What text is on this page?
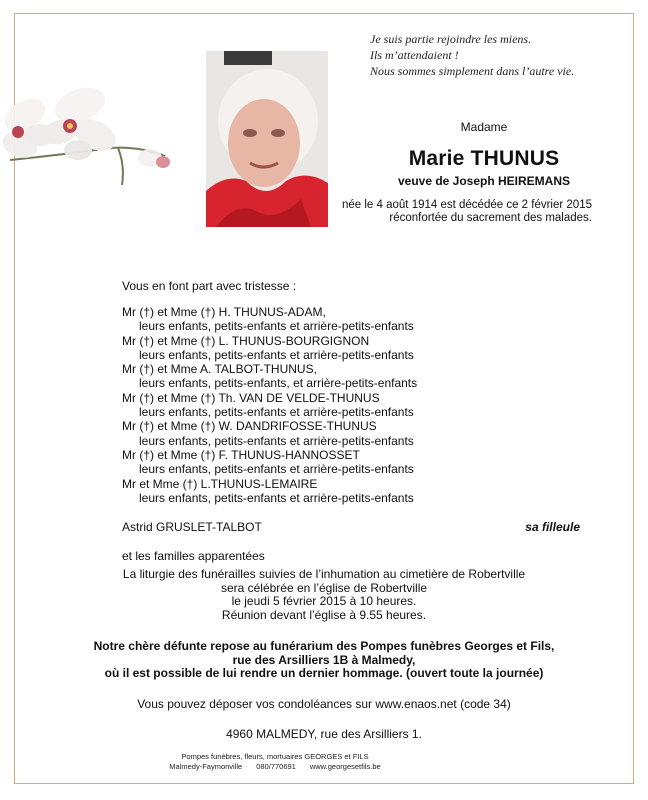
Je suis partie rejoindre les miens.
Ils m’attendaient !
Nous sommes simplement dans l’autre vie.
Madame
Marie THUNUS
veuve de Joseph HEIREMANS
née le 4 août 1914 est décédée ce 2 février 2015
réconfortée du sacrement des malades.
Vous en font part avec tristesse :
Mr (†) et Mme (†) H. THUNUS-ADAM,
leurs enfants, petits-enfants et arrière-petits-enfants
Mr (†) et Mme (†) L. THUNUS-BOURGIGNON
leurs enfants, petits-enfants et arrière-petits-enfants
Mr (†) et Mme A. TALBOT-THUNUS,
leurs enfants, petits-enfants, et arrière-petits-enfants
Mr (†) et Mme (†) Th. VAN DE VELDE-THUNUS
leurs enfants, petits-enfants et arrière-petits-enfants
Mr (†) et Mme (†) W. DANDRIFOSSE-THUNUS
leurs enfants, petits-enfants et arrière-petits-enfants
Mr (†) et Mme (†) F. THUNUS-HANNOSSET
leurs enfants, petits-enfants et arrière-petits-enfants
Mr et Mme (†) L.THUNUS-LEMAIRE
leurs enfants, petits-enfants et arrière-petits-enfants
Astrid GRUSLET-TALBOT	sa filleule
et les familles apparentées
La liturgie des funérailles suivies de l’inhumation au cimetière de Robertville
sera célébrée en l’église de Robertville
le jeudi 5 février 2015 à 10 heures.
Réunion devant l’église à 9.55 heures.
Notre chère défunte repose au funérarium des Pompes funèbres Georges et Fils,
rue des Arsilliers 1B à Malmedy,
où il est possible de lui rendre un dernier hommage. (ouvert toute la journée)
Vous pouvez déposer vos condoléances sur www.enaos.net (code 34)
4960 MALMEDY, rue des Arsilliers 1.
Pompes funèbres, fleurs, mortuaires GEORGES et FILS
Malmedy-Faymonville 080/770691 www.georgesetfils.be
